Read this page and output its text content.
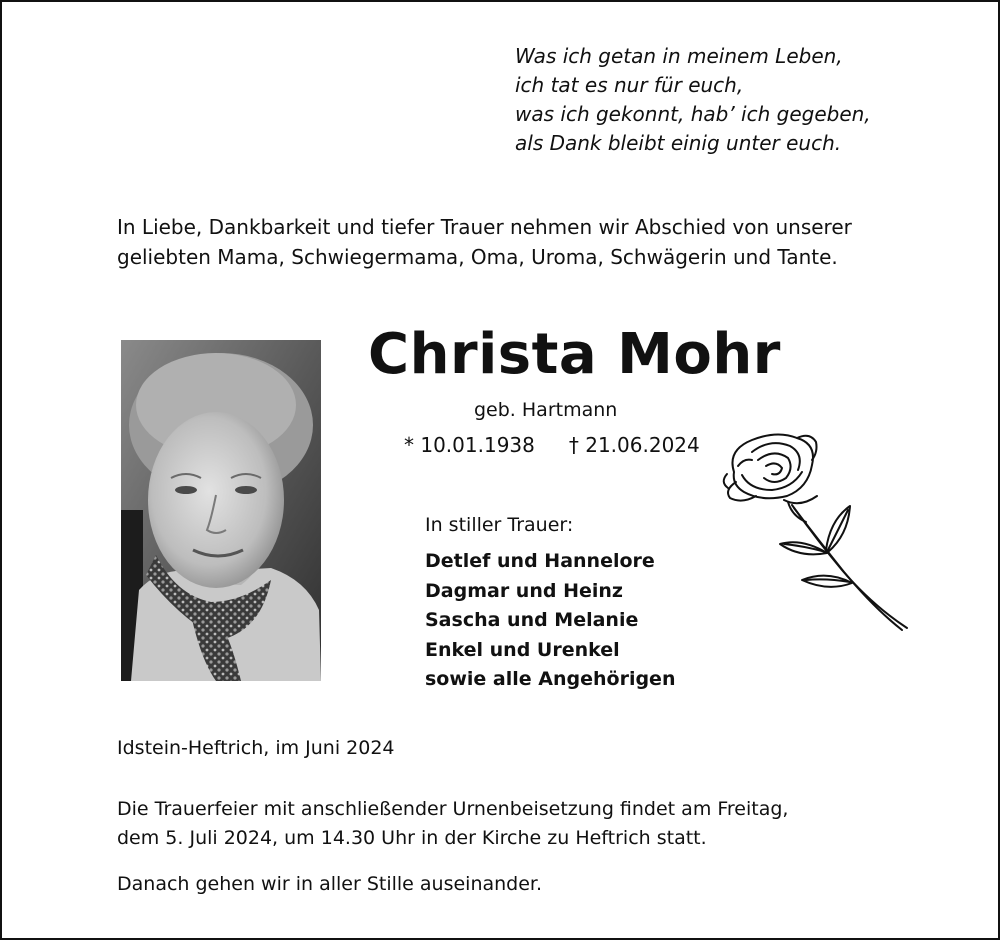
Was ich getan in meinem Leben,
ich tat es nur für euch,
was ich gekonnt, hab’ ich gegeben,
als Dank bleibt einig unter euch.
In Liebe, Dankbarkeit und tiefer Trauer nehmen wir Abschied von unserer
geliebten Mama, Schwiegermama, Oma, Uroma, Schwägerin und Tante.
Christa Mohr
geb. Hartmann
* 10.01.1938 † 21.06.2024
In stiller Trauer:
Detlef und Hannelore
Dagmar und Heinz
Sascha und Melanie
Enkel und Urenkel
sowie alle Angehörigen
Idstein-Heftrich, im Juni 2024
Die Trauerfeier mit anschließender Urnenbeisetzung findet am Freitag,
dem 5. Juli 2024, um 14.30 Uhr in der Kirche zu Heftrich statt.
Danach gehen wir in aller Stille auseinander.
